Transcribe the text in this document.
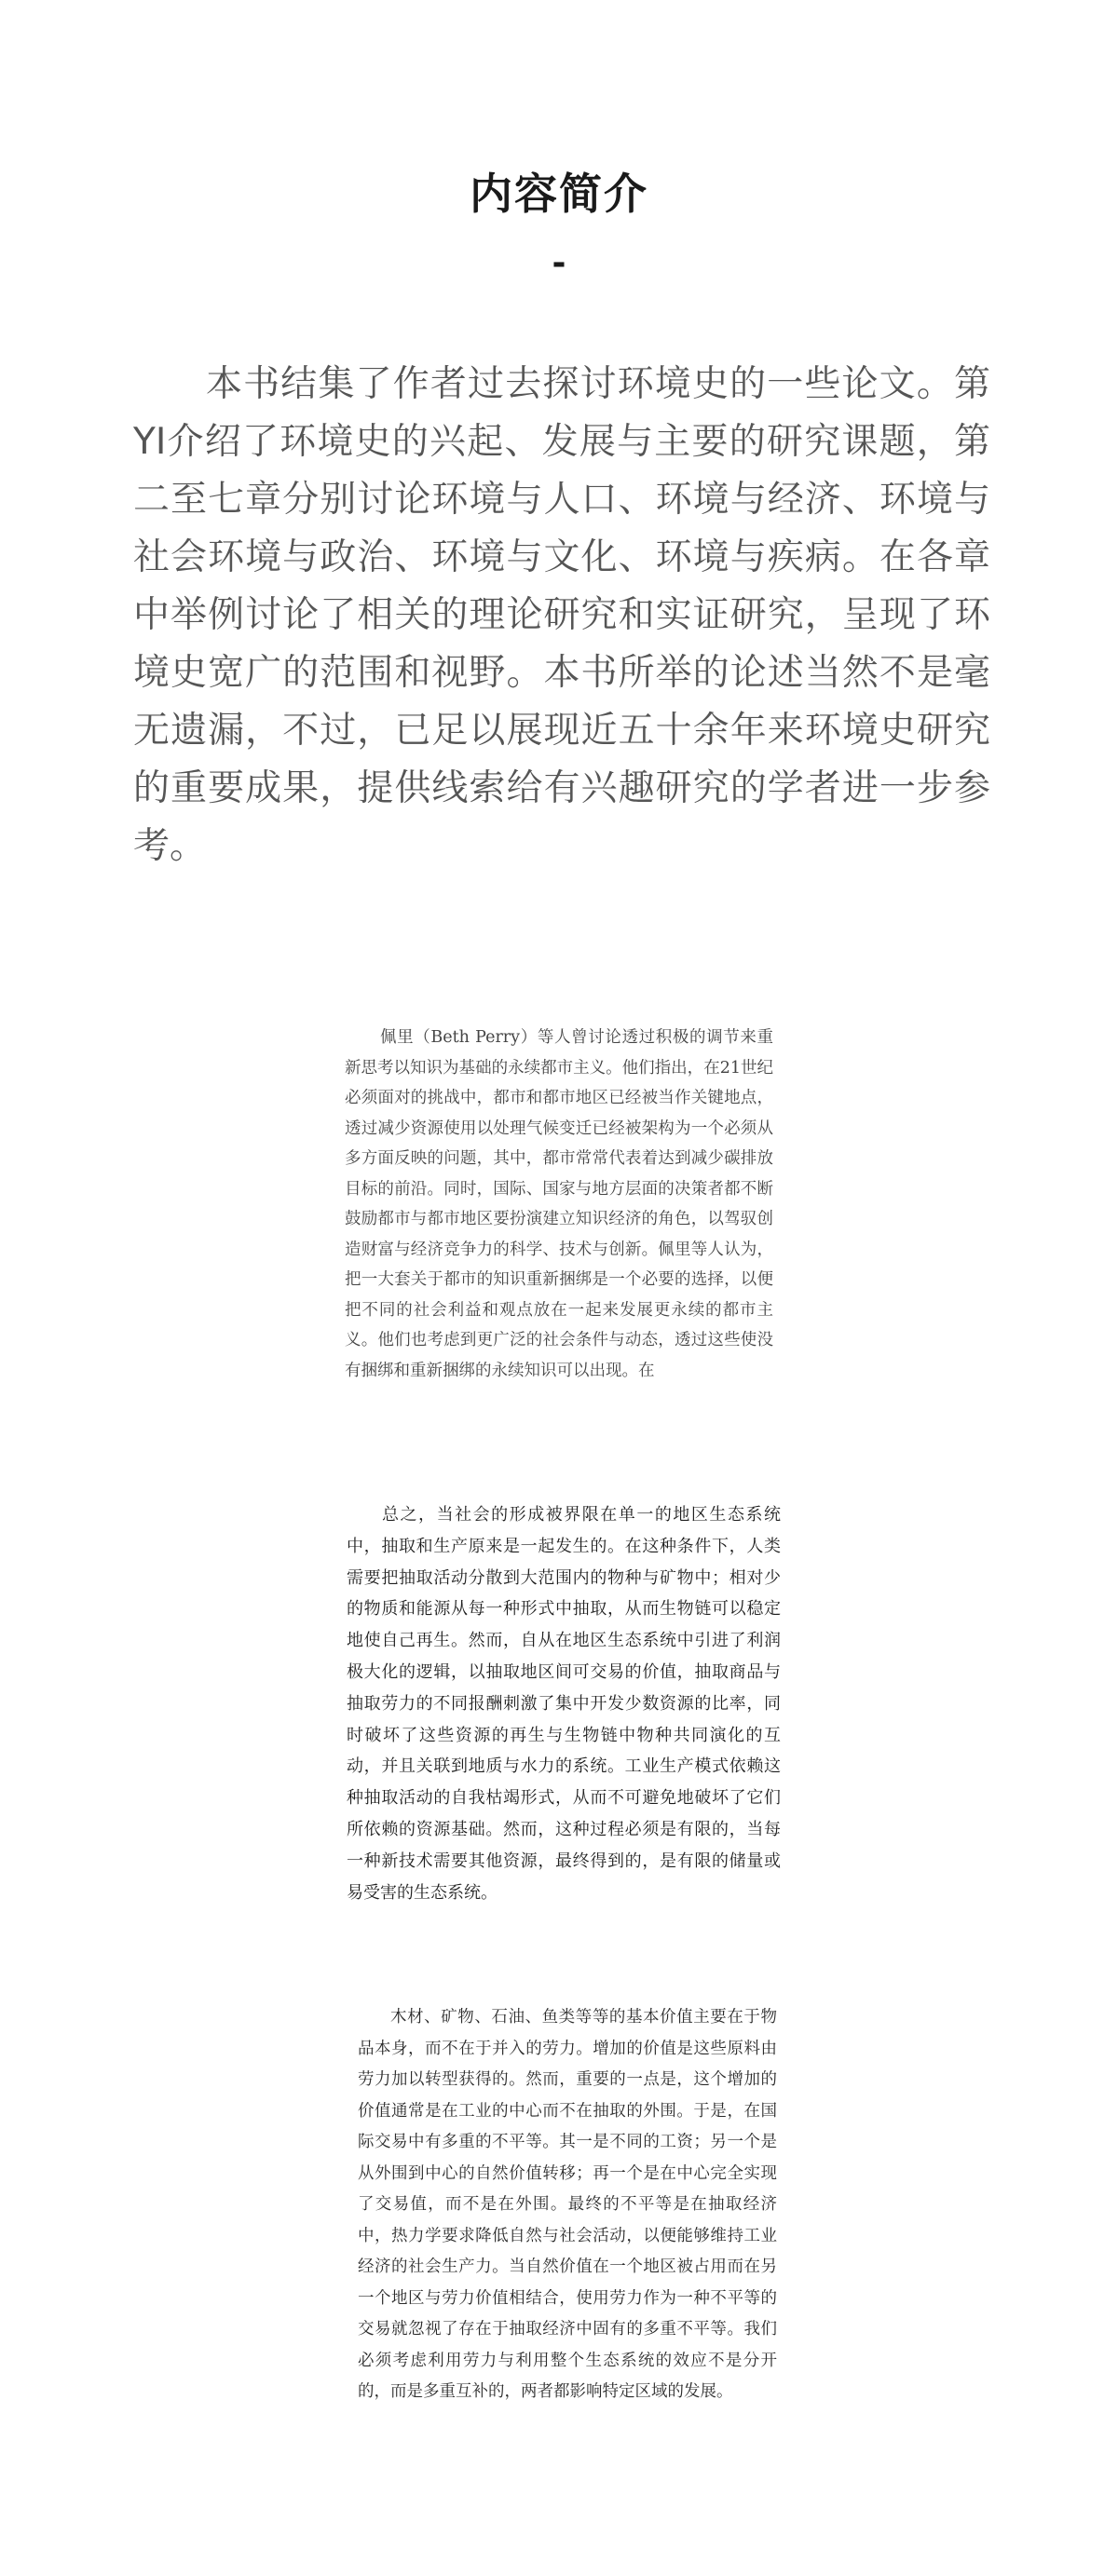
内容简介
-

本书结集了作者过去探讨环境史的一些论文。第YI介绍了环境史的兴起、发展与主要的研究课题，第二至七章分别讨论环境与人口、环境与经济、环境与社会环境与政治、环境与文化、环境与疾病。在各章中举例讨论了相关的理论研究和实证研究，呈现了环境史宽广的范围和视野。本书所举的论述当然不是毫无遗漏，不过，已足以展现近五十余年来环境史研究的重要成果，提供线索给有兴趣研究的学者进一步参考。

佩里（Beth Perry）等人曾讨论透过积极的调节来重新思考以知识为基础的永续都市主义。他们指出，在21世纪必须面对的挑战中，都市和都市地区已经被当作关键地点，透过减少资源使用以处理气候变迁已经被架构为一个必须从多方面反映的问题，其中，都市常常代表着达到减少碳排放目标的前沿。同时，国际、国家与地方层面的决策者都不断鼓励都市与都市地区要扮演建立知识经济的角色，以驾驭创造财富与经济竞争力的科学、技术与创新。佩里等人认为，把一大套关于都市的知识重新捆绑是一个必要的选择，以便把不同的社会利益和观点放在一起来发展更永续的都市主义。他们也考虑到更广泛的社会条件与动态，透过这些使没有捆绑和重新捆绑的永续知识可以出现。在

总之，当社会的形成被界限在单一的地区生态系统中，抽取和生产原来是一起发生的。在这种条件下，人类需要把抽取活动分散到大范围内的物种与矿物中；相对少的物质和能源从每一种形式中抽取，从而生物链可以稳定地使自己再生。然而，自从在地区生态系统中引进了利润极大化的逻辑，以抽取地区间可交易的价值，抽取商品与抽取劳力的不同报酬刺激了集中开发少数资源的比率，同时破坏了这些资源的再生与生物链中物种共同演化的互动，并且关联到地质与水力的系统。工业生产模式依赖这种抽取活动的自我枯竭形式，从而不可避免地破坏了它们所依赖的资源基础。然而，这种过程必须是有限的，当每一种新技术需要其他资源，最终得到的，是有限的储量或易受害的生态系统。

木材、矿物、石油、鱼类等等的基本价值主要在于物品本身，而不在于并入的劳力。增加的价值是这些原料由劳力加以转型获得的。然而，重要的一点是，这个增加的价值通常是在工业的中心而不在抽取的外围。于是，在国际交易中有多重的不平等。其一是不同的工资；另一个是从外围到中心的自然价值转移；再一个是在中心完全实现了交易值，而不是在外围。最终的不平等是在抽取经济中，热力学要求降低自然与社会活动，以便能够维持工业经济的社会生产力。当自然价值在一个地区被占用而在另一个地区与劳力价值相结合，使用劳力作为一种不平等的交易就忽视了存在于抽取经济中固有的多重不平等。我们必须考虑利用劳力与利用整个生态系统的效应不是分开的，而是多重互补的，两者都影响特定区域的发展。
